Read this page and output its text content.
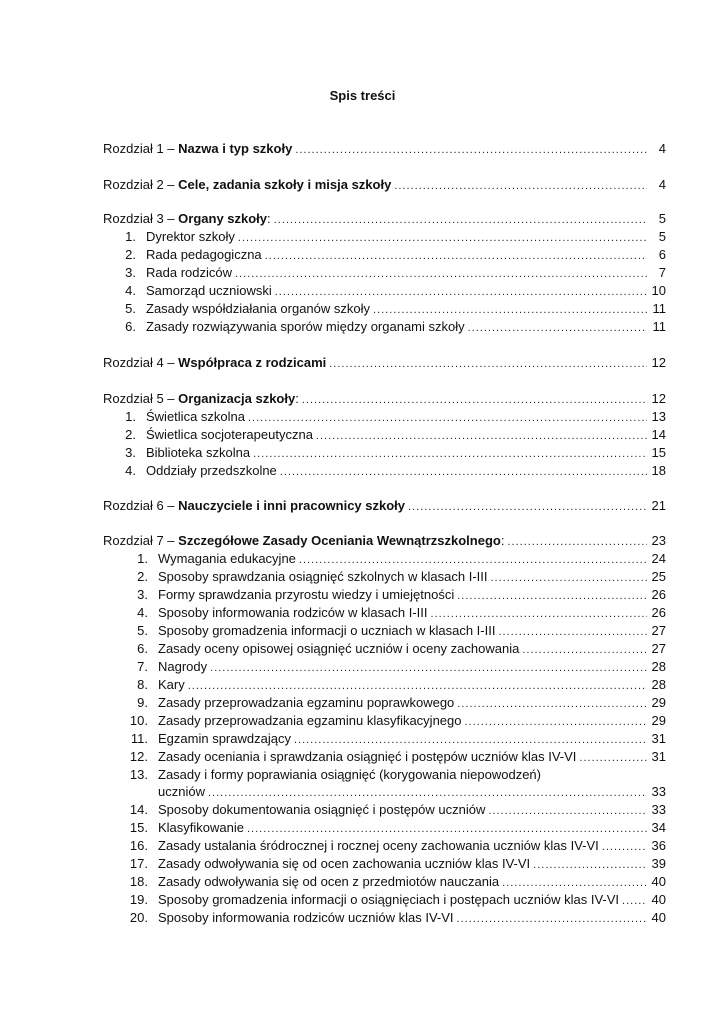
Spis treści
Rozdział 1 – Nazwa i typ szkoły .....	4
Rozdział 2 – Cele, zadania szkoły i misja szkoły .....	4
Rozdział 3 – Organy szkoły: .....	5
1. Dyrektor szkoły .....	5
2. Rada pedagogiczna .....	6
3. Rada rodziców .....	7
4. Samorząd uczniowski .....	10
5. Zasady współdziałania organów szkoły .....	11
6. Zasady rozwiązywania sporów między organami szkoły .....	11
Rozdział 4 – Współpraca z rodzicami .....	12
Rozdział 5 – Organizacja szkoły: .....	12
1. Świetlica szkolna .....	13
2. Świetlica socjoterapeutyczna .....	14
3. Biblioteka szkolna .....	15
4. Oddziały przedszkolne .....	18
Rozdział 6 – Nauczyciele i inni pracownicy szkoły .....	21
Rozdział 7 – Szczegółowe Zasady Oceniania Wewnątrzszkolnego: .....	23
1. Wymagania edukacyjne .....	24
2. Sposoby sprawdzania osiągnięć szkolnych w klasach I-III .....	25
3. Formy sprawdzania przyrostu wiedzy i umiejętności .....	26
4. Sposoby informowania rodziców w klasach I-III .....	26
5. Sposoby gromadzenia informacji o uczniach w klasach I-III .....	27
6. Zasady oceny opisowej osiągnięć uczniów i oceny zachowania .....	27
7. Nagrody .....	28
8. Kary .....	28
9. Zasady przeprowadzania egzaminu poprawkowego .....	29
10. Zasady przeprowadzania egzaminu klasyfikacyjnego .....	29
11. Egzamin sprawdzający .....	31
12. Zasady oceniania i sprawdzania osiągnięć i postępów uczniów klas IV-VI .....	31
13. Zasady i formy poprawiania osiągnięć (korygowania niepowodzeń)
uczniów .....	33
14. Sposoby dokumentowania osiągnięć i postępów uczniów .....	33
15. Klasyfikowanie .....	34
16. Zasady ustalania śródrocznej i rocznej oceny zachowania uczniów klas IV-VI .....	36
17. Zasady odwoływania się od ocen zachowania uczniów klas IV-VI .....	39
18. Zasady odwoływania się od ocen z przedmiotów nauczania .....	40
19. Sposoby gromadzenia informacji o osiągnięciach i postępach uczniów klas IV-VI .....	40
20. Sposoby informowania rodziców uczniów klas IV-VI .....	40
